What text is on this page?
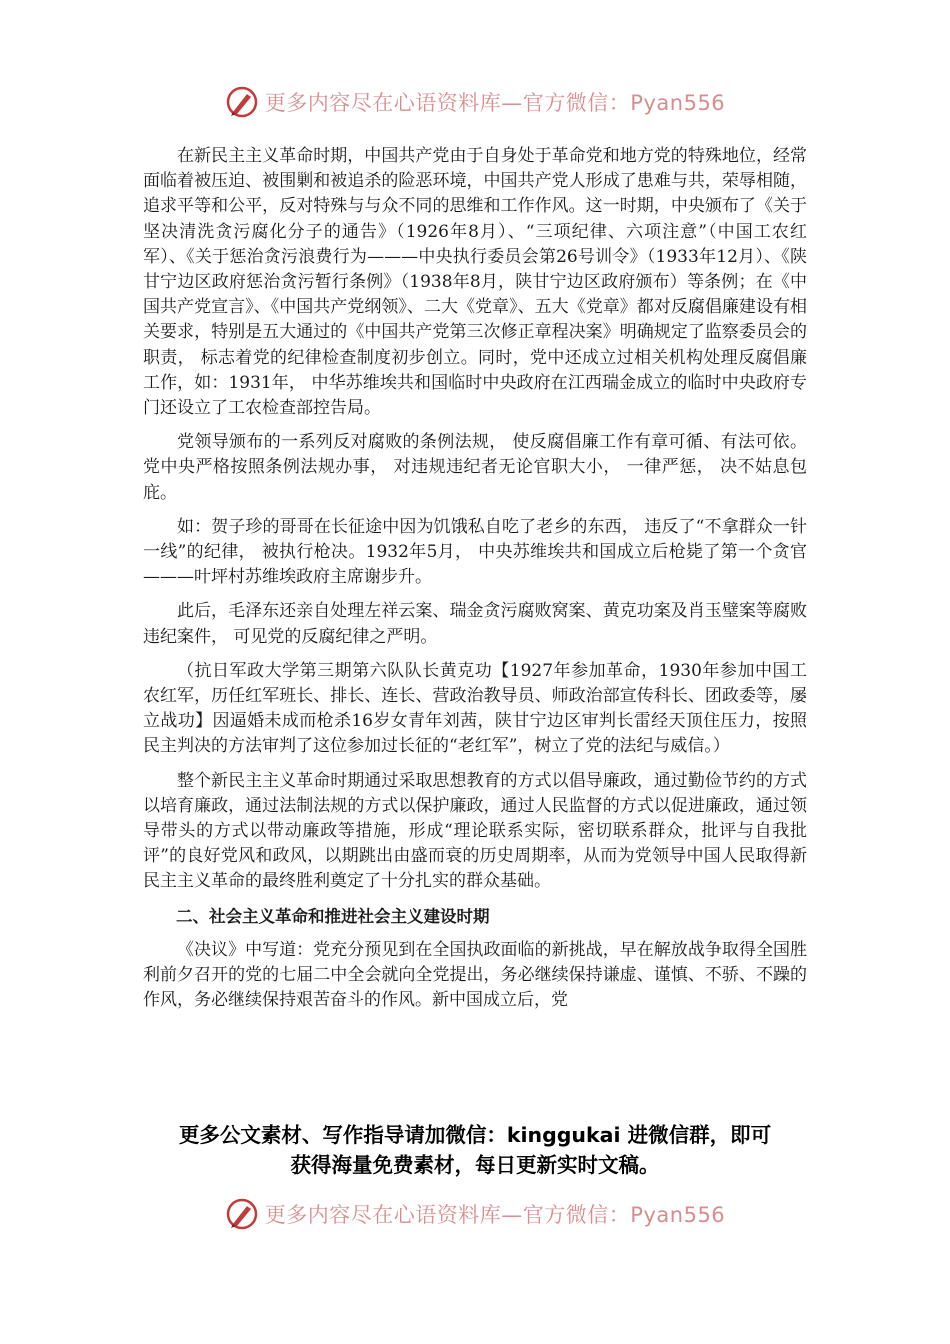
更多内容尽在心语资料库—官方微信：Pyan556

在新民主主义革命时期，中国共产党由于自身处于革命党和地方党的特殊地位，经常面临着被压迫、被围剿和被追杀的险恶环境，中国共产党人形成了患难与共，荣辱相随，追求平等和公平，反对特殊与与众不同的思维和工作作风。这一时期，中央颁布了《关于坚决清洗贪污腐化分子的通告》（1926年8月）、“三项纪律、六项注意”（中国工农红军）、《关于惩治贪污浪费行为———中央执行委员会第26号训令》（1933年12月）、《陕甘宁边区政府惩治贪污暂行条例》（1938年8月，陕甘宁边区政府颁布）等条例；在《中国共产党宣言》、《中国共产党纲领》、二大《党章》、五大《党章》都对反腐倡廉建设有相关要求，特别是五大通过的《中国共产党第三次修正章程决案》明确规定了监察委员会的职责， 标志着党的纪律检查制度初步创立。同时，党中还成立过相关机构处理反腐倡廉工作，如：1931年， 中华苏维埃共和国临时中央政府在江西瑞金成立的临时中央政府专门还设立了工农检查部控告局。

党领导颁布的一系列反对腐败的条例法规， 使反腐倡廉工作有章可循、有法可依。党中央严格按照条例法规办事， 对违规违纪者无论官职大小， 一律严惩， 决不姑息包庇。

如：贺子珍的哥哥在长征途中因为饥饿私自吃了老乡的东西， 违反了“不拿群众一针一线”的纪律， 被执行枪决。1932年5月， 中央苏维埃共和国成立后枪毙了第一个贪官———叶坪村苏维埃政府主席谢步升。

此后，毛泽东还亲自处理左祥云案、瑞金贪污腐败窝案、黄克功案及肖玉璧案等腐败违纪案件， 可见党的反腐纪律之严明。

（抗日军政大学第三期第六队队长黄克功【1927年参加革命，1930年参加中国工农红军，历任红军班长、排长、连长、营政治教导员、师政治部宣传科长、团政委等，屡立战功】因逼婚未成而枪杀16岁女青年刘茜，陕甘宁边区审判长雷经天顶住压力，按照民主判决的方法审判了这位参加过长征的“老红军”，树立了党的法纪与威信。）

整个新民主主义革命时期通过采取思想教育的方式以倡导廉政，通过勤俭节约的方式以培育廉政，通过法制法规的方式以保护廉政，通过人民监督的方式以促进廉政，通过领导带头的方式以带动廉政等措施，形成“理论联系实际，密切联系群众，批评与自我批评”的良好党风和政风，以期跳出由盛而衰的历史周期率，从而为党领导中国人民取得新民主主义革命的最终胜利奠定了十分扎实的群众基础。

二、社会主义革命和推进社会主义建设时期

《决议》中写道：党充分预见到在全国执政面临的新挑战，早在解放战争取得全国胜利前夕召开的党的七届二中全会就向全党提出，务必继续保持谦虚、谨慎、不骄、不躁的作风，务必继续保持艰苦奋斗的作风。新中国成立后，党

更多公文素材、写作指导请加微信：kinggukai 进微信群，即可
获得海量免费素材，每日更新实时文稿。
更多内容尽在心语资料库—官方微信：Pyan556
